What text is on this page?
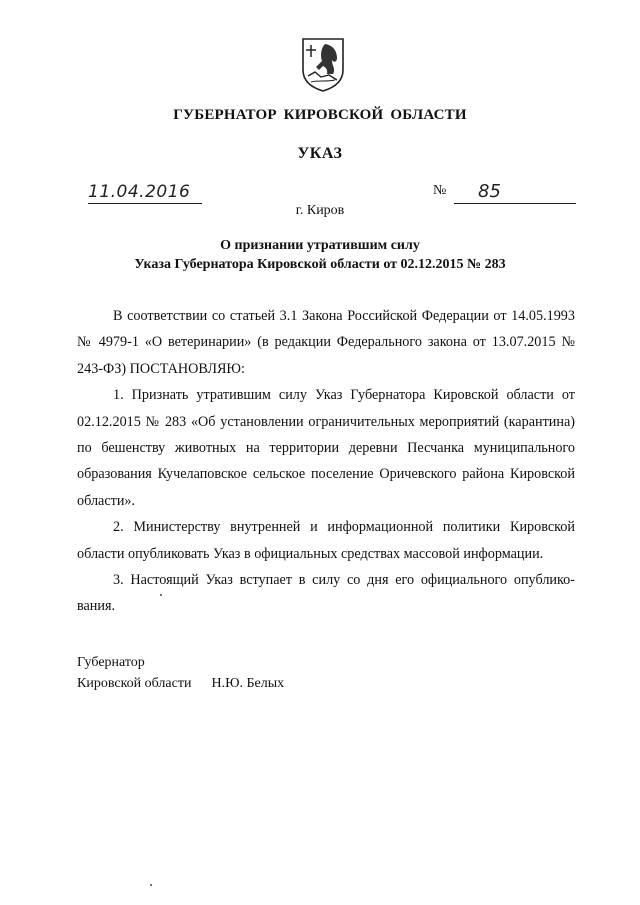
ГУБЕРНАТОР КИРОВСКОЙ ОБЛАСТИ
УКАЗ
11.04.2016	№ 85
г. Киров
О признании утратившим силу
Указа Губернатора Кировской области от 02.12.2015 № 283

В соответствии со статьей 3.1 Закона Российской Федерации от 14.05.1993 № 4979-1 «О ветеринарии» (в редакции Федерального закона от 13.07.2015 № 243-ФЗ) ПОСТАНОВЛЯЮ:

1. Признать утратившим силу Указ Губернатора Кировской области от 02.12.2015 № 283 «Об установлении ограничительных мероприятий (карантина) по бешенству животных на территории деревни Песчанка муниципального образования Кучелаповское сельское поселение Оричевского района Кировской области».

2. Министерству внутренней и информационной политики Кировской области опубликовать Указ в официальных средствах массовой информации.

3. Настоящий Указ вступает в силу со дня его официального опубликования.

Губернатор
Кировской области Н.Ю. Белых
